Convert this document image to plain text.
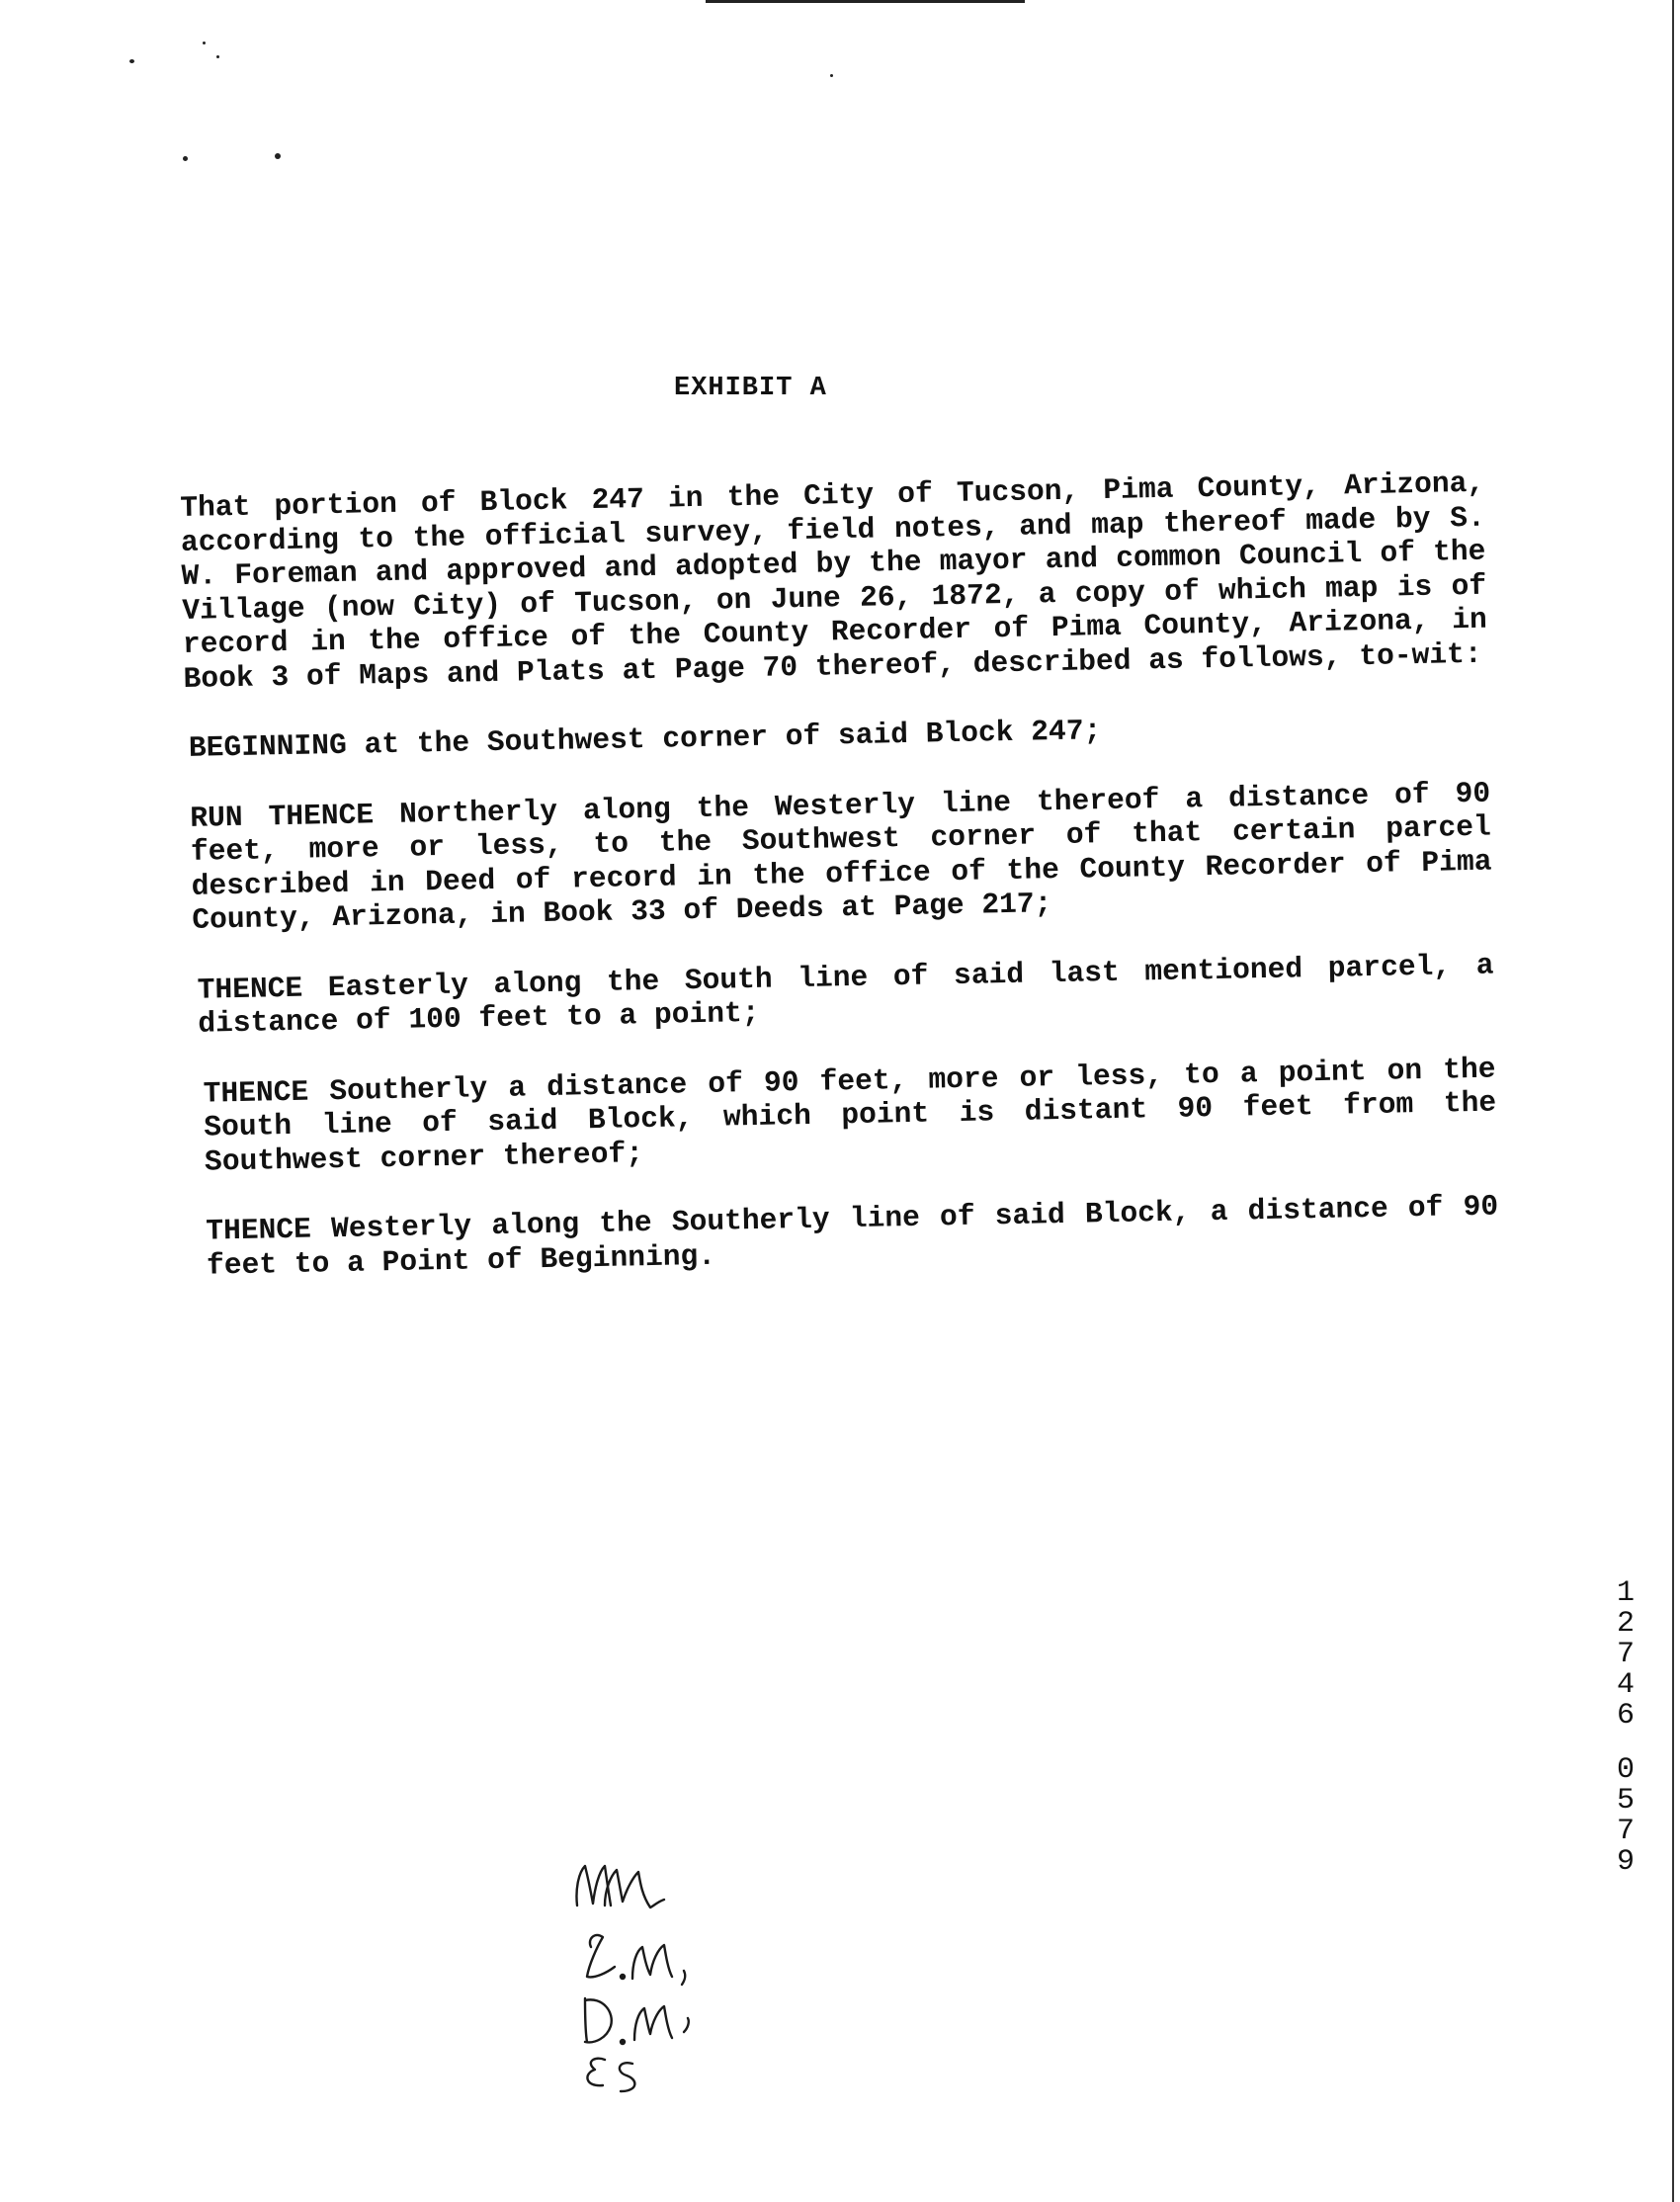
EXHIBIT A

That portion of Block 247 in the City of Tucson, Pima County, Arizona, according to the official survey, field notes, and map thereof made by S. W. Foreman and approved and adopted by the mayor and common Council of the Village (now City) of Tucson, on June 26, 1872, a copy of which map is of record in the office of the County Recorder of Pima County, Arizona, in Book 3 of Maps and Plats at Page 70 thereof, described as follows, to-wit:

BEGINNING at the Southwest corner of said Block 247;

RUN THENCE Northerly along the Westerly line thereof a distance of 90 feet, more or less, to the Southwest corner of that certain parcel described in Deed of record in the office of the County Recorder of Pima County, Arizona, in Book 33 of Deeds at Page 217;

THENCE Easterly along the South line of said last mentioned parcel, a distance of 100 feet to a point;

THENCE Southerly a distance of 90 feet, more or less, to a point on the South line of said Block, which point is distant 90 feet from the Southwest corner thereof;

THENCE Westerly along the Southerly line of said Block, a distance of 90 feet to a Point of Beginning.

1
2
7
4
6
0
5
7
9
